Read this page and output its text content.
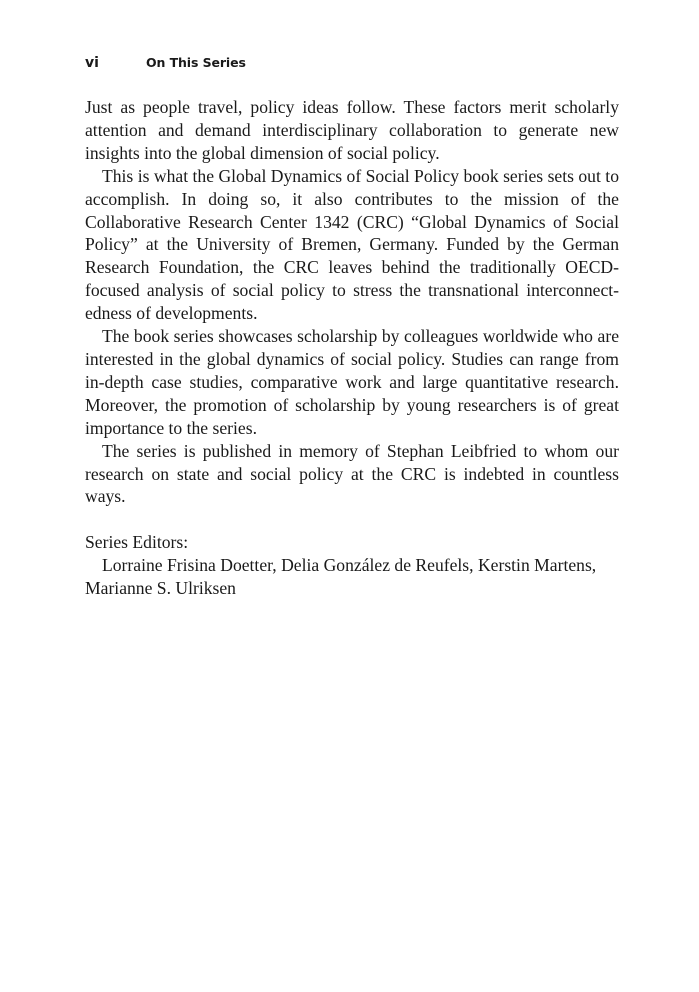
vi	On This Series

Just as people travel, policy ideas follow. These factors merit scholarly attention and demand interdisciplinary collaboration to generate new insights into the global dimension of social policy.

This is what the Global Dynamics of Social Policy book series sets out to accomplish. In doing so, it also contributes to the mission of the Collaborative Research Center 1342 (CRC) “Global Dynamics of Social Policy” at the University of Bremen, Germany. Funded by the German Research Foundation, the CRC leaves behind the traditionally OECD-focused analysis of social policy to stress the transnational interconnectedness of developments.

The book series showcases scholarship by colleagues worldwide who are interested in the global dynamics of social policy. Studies can range from in-depth case studies, comparative work and large quantitative research. Moreover, the promotion of scholarship by young researchers is of great importance to the series.

The series is published in memory of Stephan Leibfried to whom our research on state and social policy at the CRC is indebted in countless ways.

Series Editors:
Lorraine Frisina Doetter, Delia González de Reufels, Kerstin Martens, Marianne S. Ulriksen
